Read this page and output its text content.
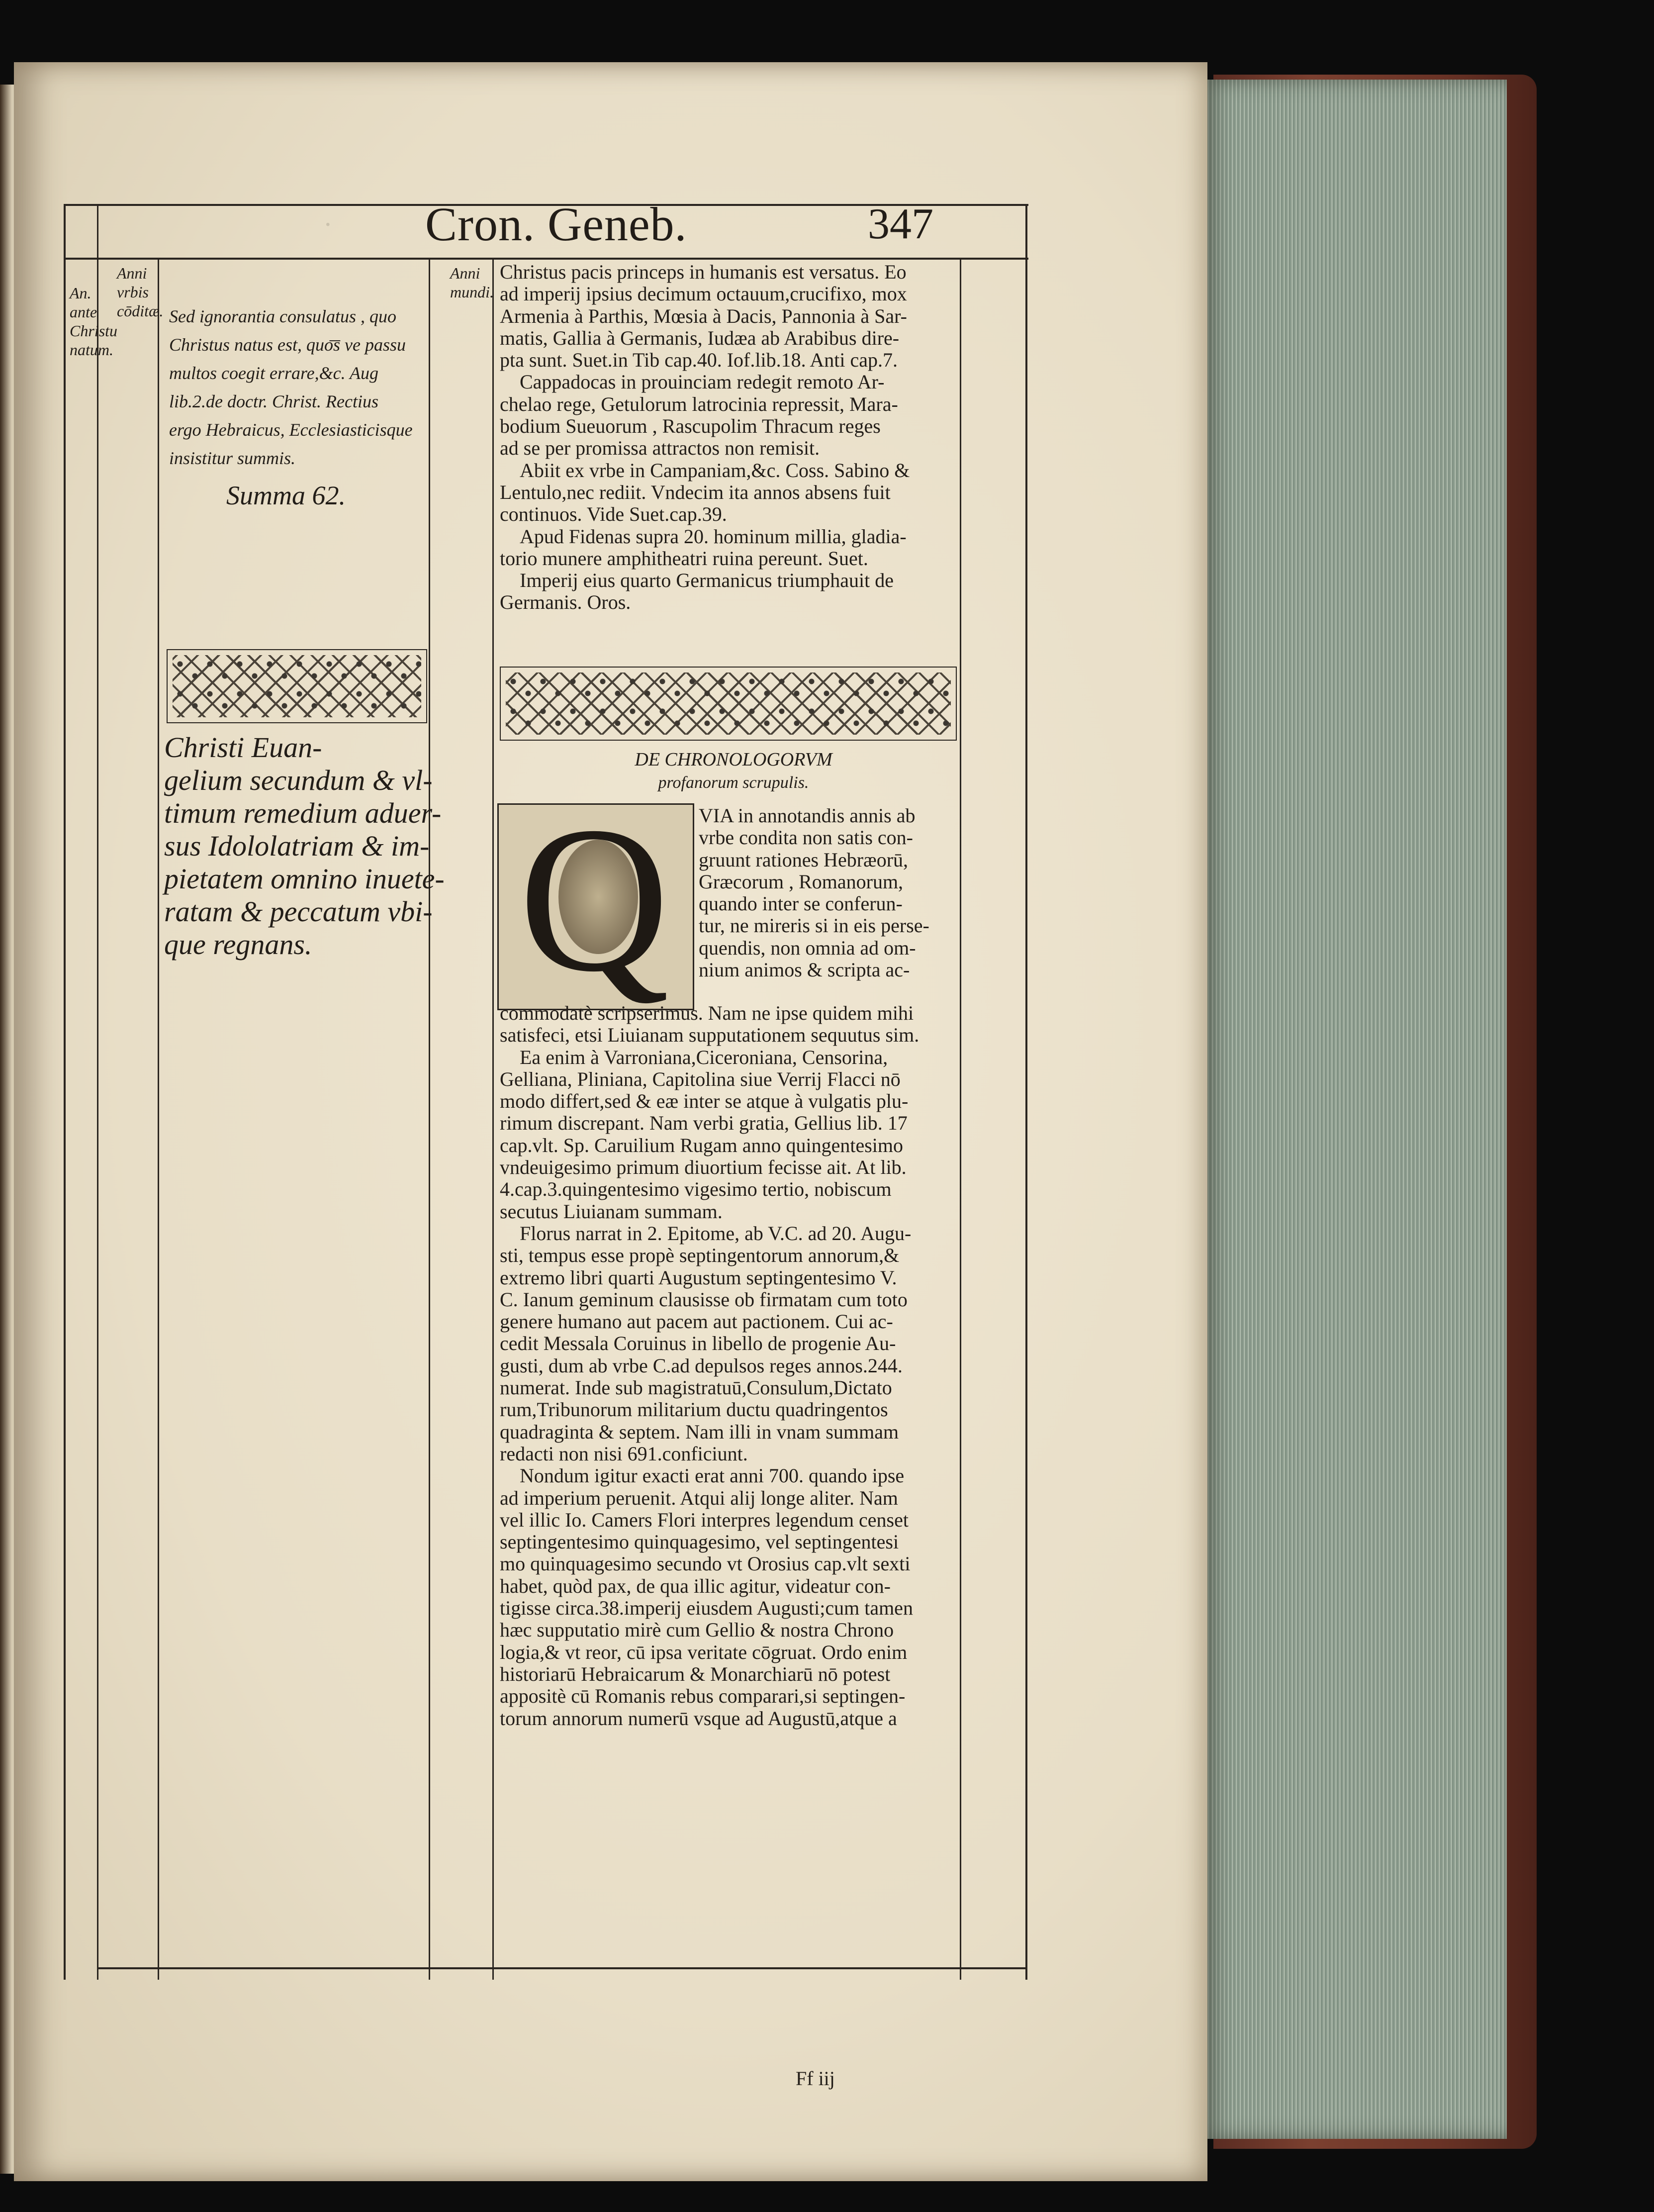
· Cron. Geneb.	347
An.
ante
Christu
natum.
Anni
vrbis
cōditæ.
Anni
mundi.
Sed ignorantia consulatus , quo
Christus natus est, quo͞s ve passu
multos coegit errare,&c. Aug
lib.2.de doctr. Christ. Rectius
ergo Hebraicus, Ecclesiasticisque
insistitur summis.
Summa 62.
Christi Euan-
gelium secundum & vl-
timum remedium aduer-
sus Idololatriam & im-
pietatem omnino inuete-
ratam & peccatum vbi-
que regnans.
Christus pacis princeps in humanis est versatus. Eo
ad imperij ipsius decimum octauum,crucifixo, mox
Armenia à Parthis, Mœsia à Dacis, Pannonia à Sar-
matis, Gallia à Germanis, Iudæa ab Arabibus dire-
pta sunt. Suet.in Tib cap.40. Iof.lib.18. Anti cap.7.
Cappadocas in prouinciam redegit remoto Ar-
chelao rege, Getulorum latrocinia repressit, Mara-
bodium Sueuorum , Rascupolim Thracum reges
ad se per promissa attractos non remisit.
Abiit ex vrbe in Campaniam,&c. Coss. Sabino &
Lentulo,nec rediit. Vndecim ita annos absens fuit
continuos. Vide Suet.cap.39.
Apud Fidenas supra 20. hominum millia, gladia-
torio munere amphitheatri ruina pereunt. Suet.
Imperij eius quarto Germanicus triumphauit de
Germanis. Oros.
DE CHRONOLOGORVM
profanorum scrupulis.
Q VIA in annotandis annis ab
vrbe condita non satis con-
gruunt rationes Hebræorū,
Græcorum , Romanorum,
quando inter se conferun-
tur, ne mireris si in eis perse-
quendis, non omnia ad om-
nium animos & scripta ac-
commodatè scripserimus. Nam ne ipse quidem mihi
satisfeci, etsi Liuianam supputationem sequutus sim.
Ea enim à Varroniana,Ciceroniana, Censorina,
Gelliana, Pliniana, Capitolina siue Verrij Flacci nō
modo differt,sed & eæ inter se atque à vulgatis plu-
rimum discrepant. Nam verbi gratia, Gellius lib. 17
cap.vlt. Sp. Caruilium Rugam anno quingentesimo
vndeuigesimo primum diuortium fecisse ait. At lib.
4.cap.3.quingentesimo vigesimo tertio, nobiscum
secutus Liuianam summam.
Florus narrat in 2. Epitome, ab V.C. ad 20. Augu-
sti, tempus esse propè septingentorum annorum,&
extremo libri quarti Augustum septingentesimo V.
C. Ianum geminum clausisse ob firmatam cum toto
genere humano aut pacem aut pactionem. Cui ac-
cedit Messala Coruinus in libello de progenie Au-
gusti, dum ab vrbe C.ad depulsos reges annos.244.
numerat. Inde sub magistratuū,Consulum,Dictato
rum,Tribunorum militarium ductu quadringentos
quadraginta & septem. Nam illi in vnam summam
redacti non nisi 691.conficiunt.
Nondum igitur exacti erat anni 700. quando ipse
ad imperium peruenit. Atqui alij longe aliter. Nam
vel illic Io. Camers Flori interpres legendum censet
septingentesimo quinquagesimo, vel septingentesi
mo quinquagesimo secundo vt Orosius cap.vlt sexti
habet, quòd pax, de qua illic agitur, videatur con-
tigisse circa.38.imperij eiusdem Augusti;cum tamen
hæc supputatio mirè cum Gellio & nostra Chrono
logia,& vt reor, cū ipsa veritate cōgruat. Ordo enim
historiarū Hebraicarum & Monarchiarū nō potest
appositè cū Romanis rebus comparari,si septingen-
torum annorum numerū vsque ad Augustū,atque a
Ff iij
